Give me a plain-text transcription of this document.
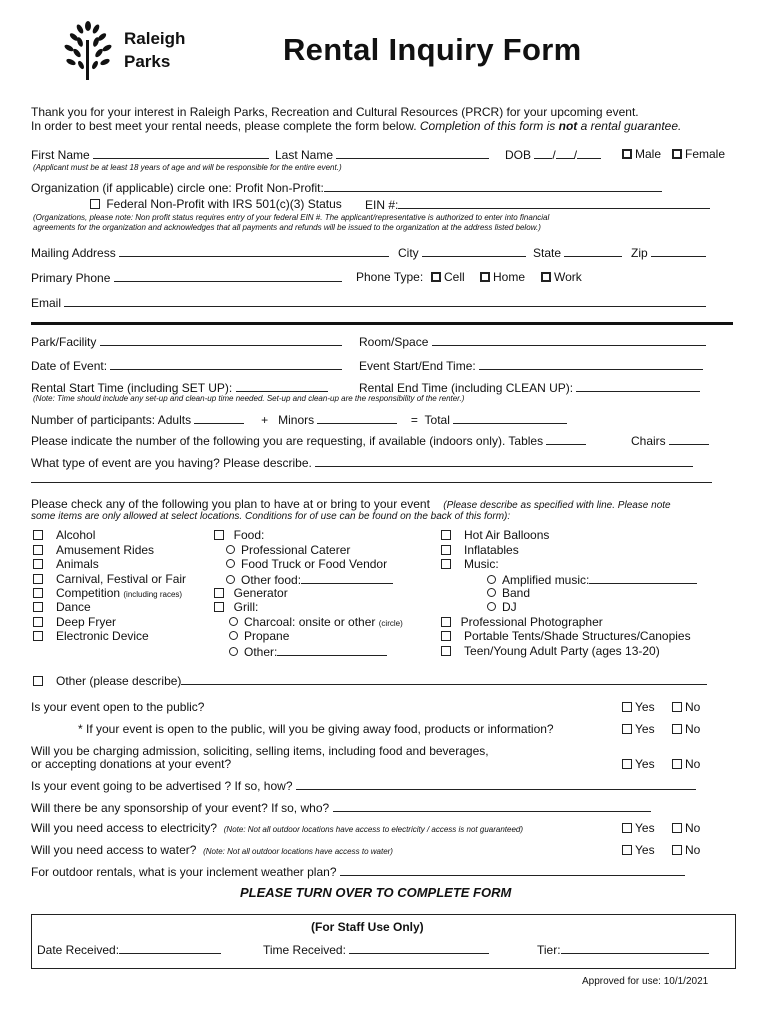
Raleigh
Parks	Rental Inquiry Form
Thank you for your interest in Raleigh Parks, Recreation and Cultural Resources (PRCR) for your upcoming event.
In order to best meet your rental needs, please complete the form below. Completion of this form is not a rental guarantee.
First Name	Last Name	DOB / /	Male	Female
(Applicant must be at least 18 years of age and will be responsible for the entire event.)
Organization (if applicable) circle one: Profit Non-Profit:
Federal Non-Profit with IRS 501(c)(3) Status EIN #:
(Organizations, please note: Non profit status requires entry of your federal EIN #. The applicant/representative is authorized to enter into financial
agreements for the organization and acknowledges that all payments and refunds will be issued to the organization at the address listed below.)
Mailing Address	City	State	Zip
Primary Phone	Phone Type:	Cell	Home	Work
Email
Park/Facility	Room/Space
Date of Event:	Event Start/End Time:
Rental Start Time (including SET UP):	Rental End Time (including CLEAN UP):
(Note: Time should include any set-up and clean-up time needed. Set-up and clean-up are the responsibility of the renter.)
Number of participants: Adults	+ Minors	= Total
Please indicate the number of the following you are requesting, if available (indoors only). Tables	Chairs
What type of event are you having? Please describe.
Please check any of the following you plan to have at or bring to your event (Please describe as specified with line. Please note
some items are only allowed at select locations. Conditions for of use can be found on the back of this form):
Alcohol
Amusement Rides
Animals
Carnival, Festival or Fair
Competition (including races)
Dance
Deep Fryer
Electronic Device
Food:
Professional Caterer
Food Truck or Food Vendor
Other food:
Generator
Grill:
Charcoal: onsite or other (circle)
Propane
Other:
Hot Air Balloons
Inflatables
Music:
Amplified music:
Band
DJ
Professional Photographer
Portable Tents/Shade Structures/Canopies
Teen/Young Adult Party (ages 13-20)
Other (please describe)
Is your event open to the public?	Yes	No
* If your event is open to the public, will you be giving away food, products or information?	Yes	No
Will you be charging admission, soliciting, selling items, including food and beverages,
or accepting donations at your event?	Yes	No
Is your event going to be advertised ? If so, how?
Will there be any sponsorship of your event? If so, who?
Will you need access to electricity? (Note: Not all outdoor locations have access to electricity / access is not guaranteed)	Yes	No
Will you need access to water? (Note: Not all outdoor locations have access to water)	Yes	No
For outdoor rentals, what is your inclement weather plan?
PLEASE TURN OVER TO COMPLETE FORM
(For Staff Use Only)
Date Received:	Time Received:	Tier:
Approved for use: 10/1/2021
